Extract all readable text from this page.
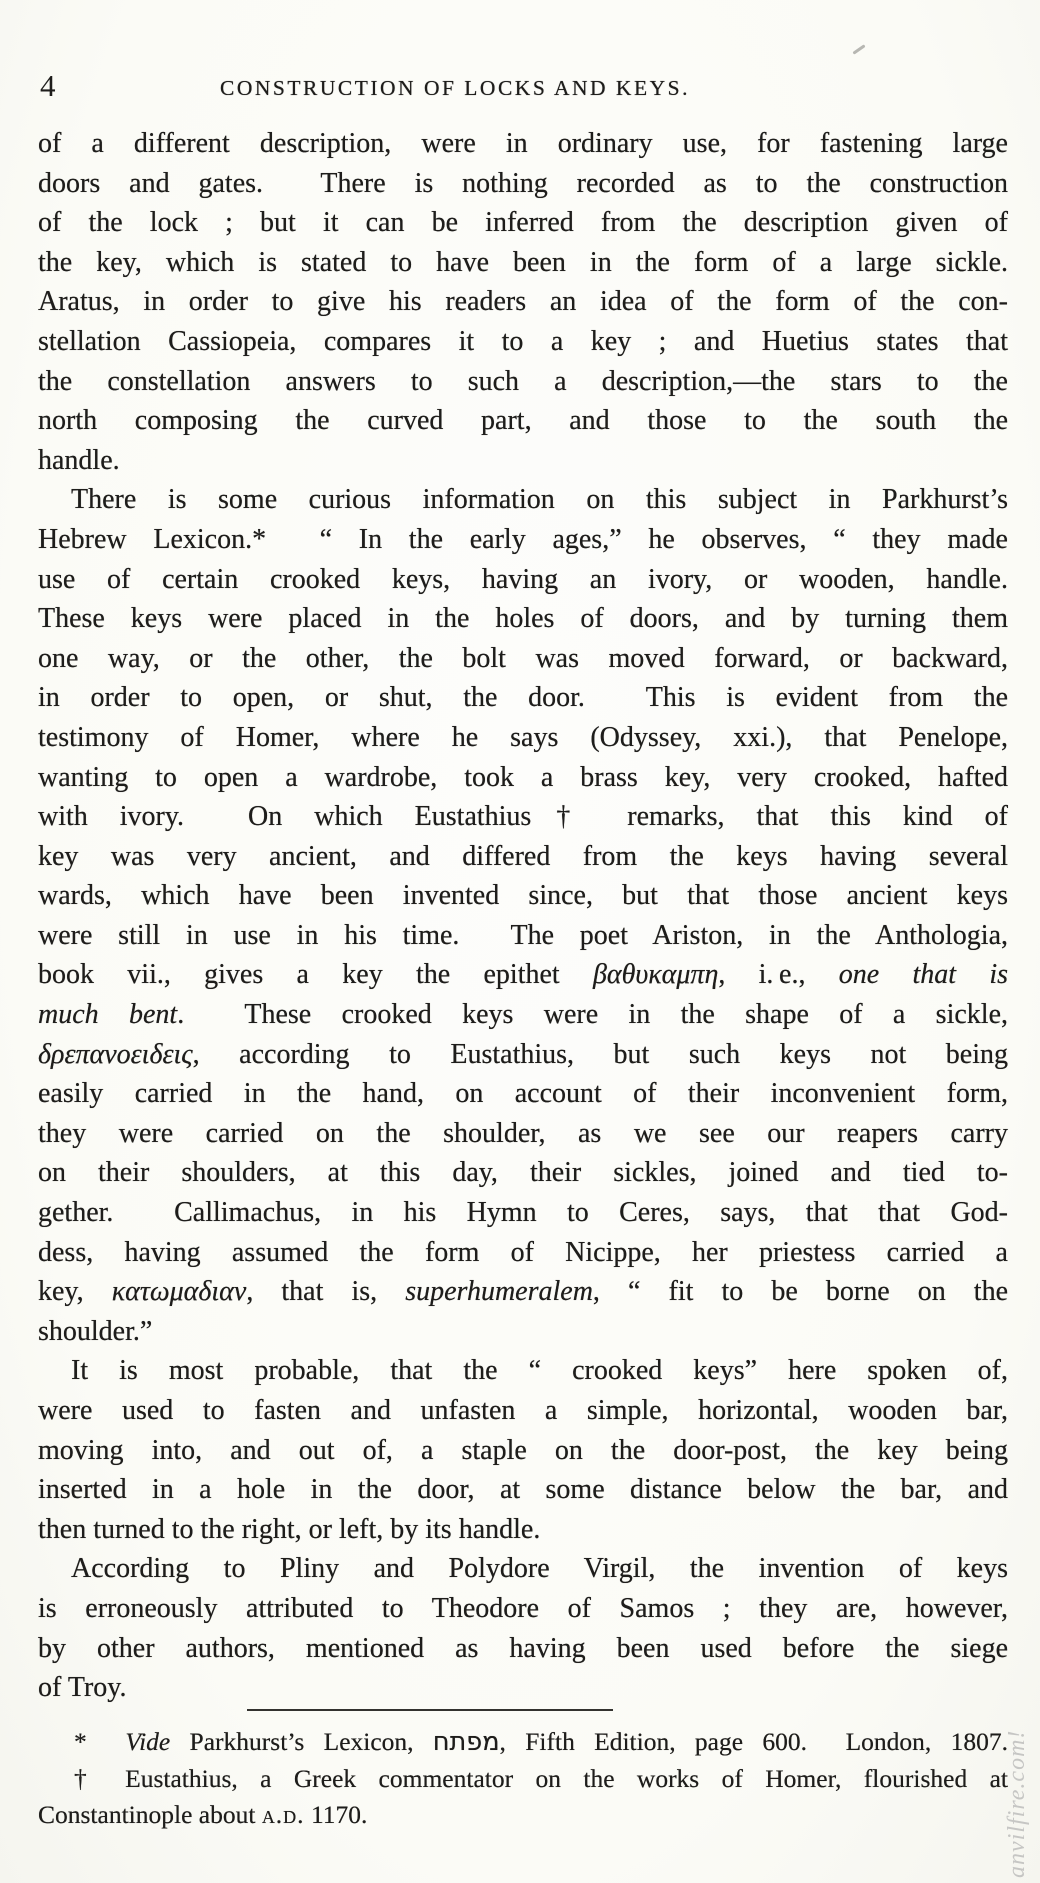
4	CONSTRUCTION OF LOCKS AND KEYS.
of a different description, were in ordinary use, for fastening large
doors and gates.  There is nothing recorded as to the construction
of the lock ; but it can be inferred from the description given of
the key, which is stated to have been in the form of a large sickle.
Aratus, in order to give his readers an idea of the form of the con-
stellation Cassiopeia, compares it to a key ; and Huetius states that
the constellation answers to such a description,—the stars to the
north composing the curved part, and those to the south the
handle.
There is some curious information on this subject in Parkhurst’s
Hebrew Lexicon.*  “ In the early ages,” he observes, “ they made
use of certain crooked keys, having an ivory, or wooden, handle.
These keys were placed in the holes of doors, and by turning them
one way, or the other, the bolt was moved forward, or backward,
in order to open, or shut, the door.  This is evident from the
testimony of Homer, where he says (Odyssey, xxi.), that Penelope,
wanting to open a wardrobe, took a brass key, very crooked, hafted
with ivory.  On which Eustathius† remarks, that this kind of
key was very ancient, and differed from the keys having several
wards, which have been invented since, but that those ancient keys
were still in use in his time.  The poet Ariston, in the Anthologia,
book vii., gives a key the epithet βαθυκαμπη, i. e., one that is
much bent.  These crooked keys were in the shape of a sickle,
δρεπανοειδεις, according to Eustathius, but such keys not being
easily carried in the hand, on account of their inconvenient form,
they were carried on the shoulder, as we see our reapers carry
on their shoulders, at this day, their sickles, joined and tied to-
gether.  Callimachus, in his Hymn to Ceres, says, that that God-
dess, having assumed the form of Nicippe, her priestess carried a
key, κατωμαδιαν, that is, superhumeralem, “ fit to be borne on the
shoulder.”
It is most probable, that the “ crooked keys” here spoken of,
were used to fasten and unfasten a simple, horizontal, wooden bar,
moving into, and out of, a staple on the door-post, the key being
inserted in a hole in the door, at some distance below the bar, and
then turned to the right, or left, by its handle.
According to Pliny and Polydore Virgil, the invention of keys
is erroneously attributed to Theodore of Samos ; they are, however,
by other authors, mentioned as having been used before the siege
of Troy.
*  Vide Parkhurst’s Lexicon, מפתח, Fifth Edition, page 600.  London, 1807.
† Eustathius, a Greek commentator on the works of Homer, flourished at
Constantinople about a.d. 1170.	anvilfire.com!
